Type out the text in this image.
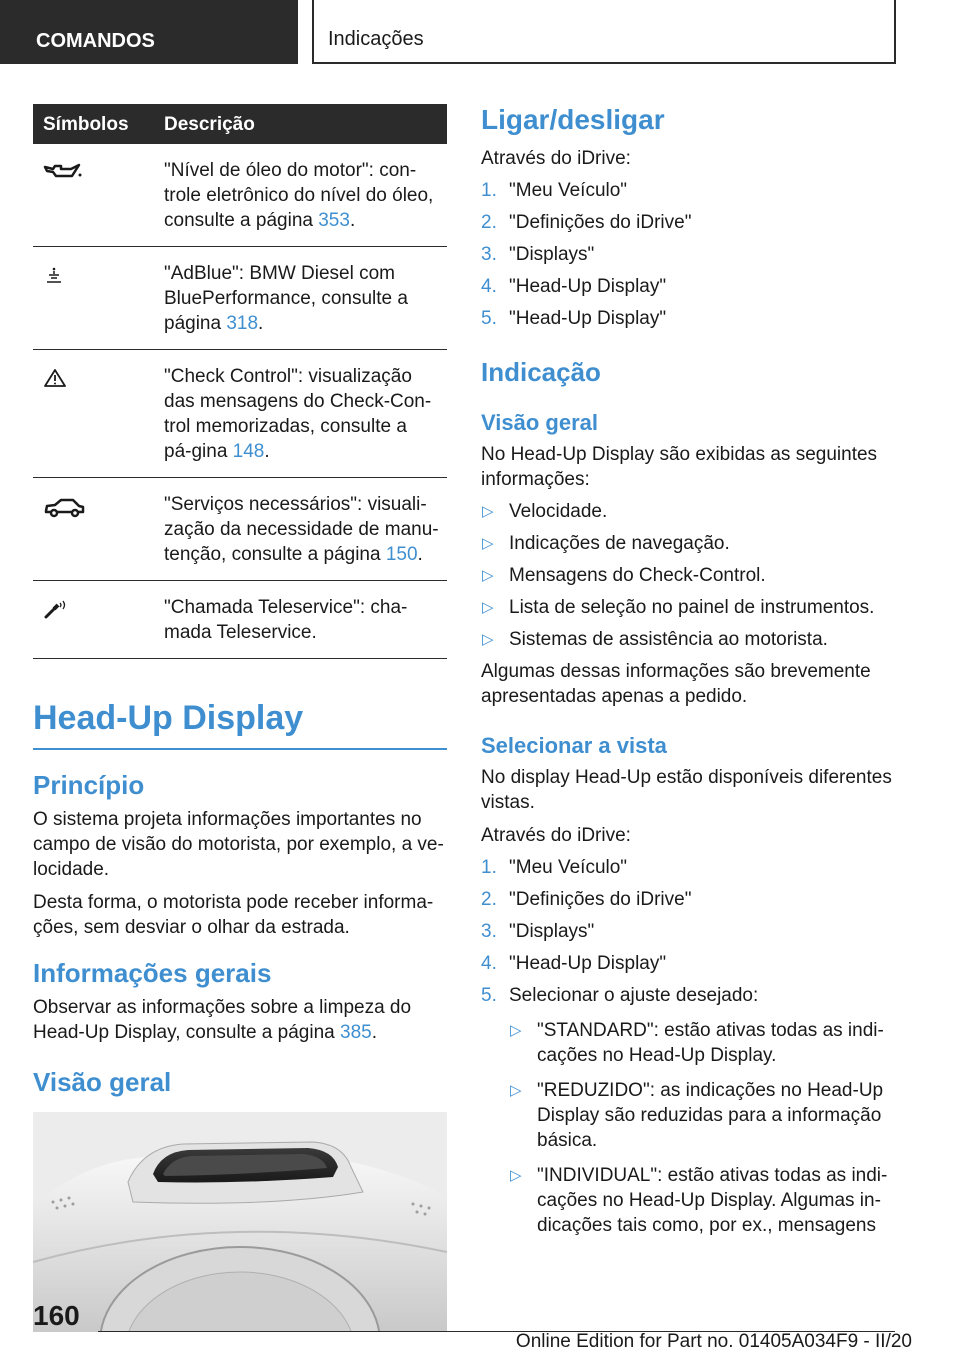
COMANDOS	Indicações
Símbolos	Descrição
	"Nível de óleo do motor": con-trole eletrônico do nível do óleo, consulte a página 353.
	"AdBlue": BMW Diesel com BluePerformance, consulte a página 318.
	"Check Control": visualização das mensagens do Check-Con-trol memorizadas, consulte a pá-gina 148.
	"Serviços necessários": visuali-zação da necessidade de manu-tenção, consulte a página 150.
	"Chamada Teleservice": cha-mada Teleservice.
Head-Up Display
Princípio

O sistema projeta informações importantes no campo de visão do motorista, por exemplo, a ve-locidade.

Desta forma, o motorista pode receber informa-ções, sem desviar o olhar da estrada.

Informações gerais

Observar as informações sobre a limpeza do Head-Up Display, consulte a página 385.

Visão geral
Ligar/desligar

Através do iDrive:

1. "Meu Veículo"
2. "Definições do iDrive"
3. "Displays"
4. "Head-Up Display"
5. "Head-Up Display"
Indicação
Visão geral

No Head-Up Display são exibidas as seguintes informações:

▷ Velocidade.
▷ Indicações de navegação.
▷ Mensagens do Check-Control.
▷ Lista de seleção no painel de instrumentos.
▷ Sistemas de assistência ao motorista.

Algumas dessas informações são brevemente apresentadas apenas a pedido.

Selecionar a vista

No display Head-Up estão disponíveis diferentes vistas.

Através do iDrive:

1. "Meu Veículo"
2. "Definições do iDrive"
3. "Displays"
4. "Head-Up Display"
5. Selecionar o ajuste desejado:
▷ "STANDARD": estão ativas todas as indi-cações no Head-Up Display.
▷ "REDUZIDO": as indicações no Head-Up Display são reduzidas para a informação básica.
▷ "INDIVIDUAL": estão ativas todas as indi-cações no Head-Up Display. Algumas in-dicações tais como, por ex., mensagens
160
Online Edition for Part no. 01405A034F9 - II/20
